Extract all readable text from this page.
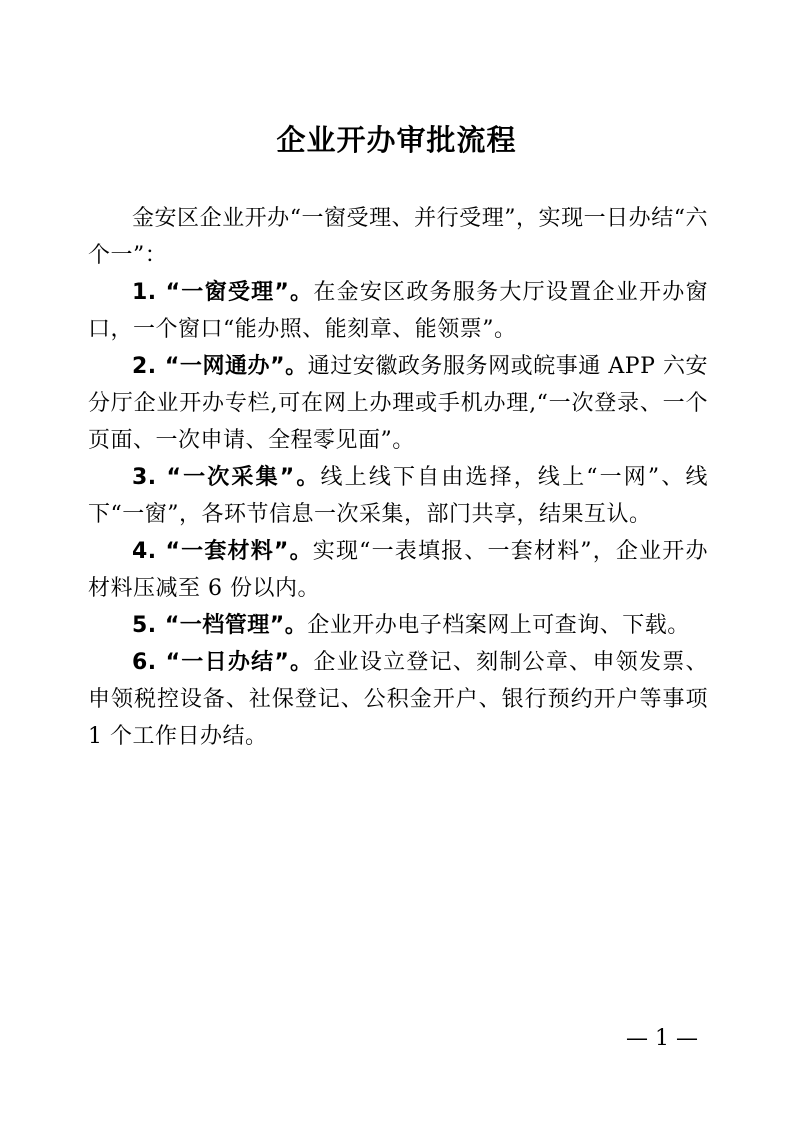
企业开办审批流程

金安区企业开办“一窗受理、并行受理”，实现一日办结“六个一”：

1. “一窗受理”。在金安区政务服务大厅设置企业开办窗口，一个窗口“能办照、能刻章、能领票”。

2. “一网通办”。通过安徽政务服务网或皖事通 APP 六安分厅企业开办专栏,可在网上办理或手机办理,“一次登录、一个页面、一次申请、全程零见面”。

3. “一次采集”。线上线下自由选择，线上“一网”、线下“一窗”，各环节信息一次采集，部门共享，结果互认。

4. “一套材料”。实现“一表填报、一套材料”，企业开办材料压减至 6 份以内。

5. “一档管理”。企业开办电子档案网上可查询、下载。

6. “一日办结”。企业设立登记、刻制公章、申领发票、申领税控设备、社保登记、公积金开户、银行预约开户等事项 1 个工作日办结。

— 1 —
